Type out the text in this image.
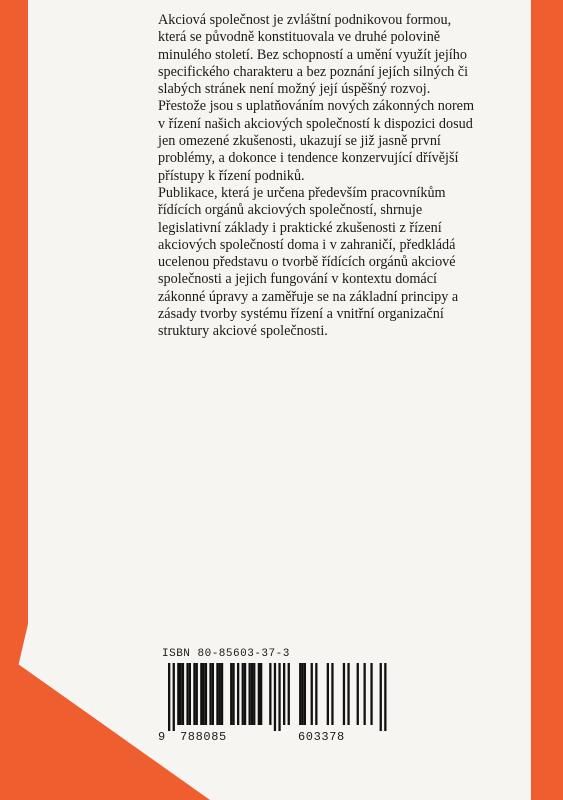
Akciová společnost je zvláštní podnikovou formou, která se původně konstituovala ve druhé polovině minulého století. Bez schopností a umění využít jejího specifického charakteru a bez poznání jejích silných či slabých stránek není možný její úspěšný rozvoj. Přestože jsou s uplatňováním nových zákonných norem v řízení našich akciových společností k dispozici dosud jen omezené zkušenosti, ukazují se již jasně první problémy, a dokonce i tendence konzervující dřívější přístupy k řízení podniků.

Publikace, která je určena především pracovníkům řídících orgánů akciových společností, shrnuje legislativní základy i praktické zkušenosti z řízení akciových společností doma i v zahraničí, předkládá ucelenou představu o tvorbě řídících orgánů akciové společnosti a jejich fungování v kontextu domácí zákonné úpravy a zaměřuje se na základní principy a zásady tvorby systému řízení a vnitřní organizační struktury akciové společnosti.

ISBN 80-85603-37-3
9	788085	603378
